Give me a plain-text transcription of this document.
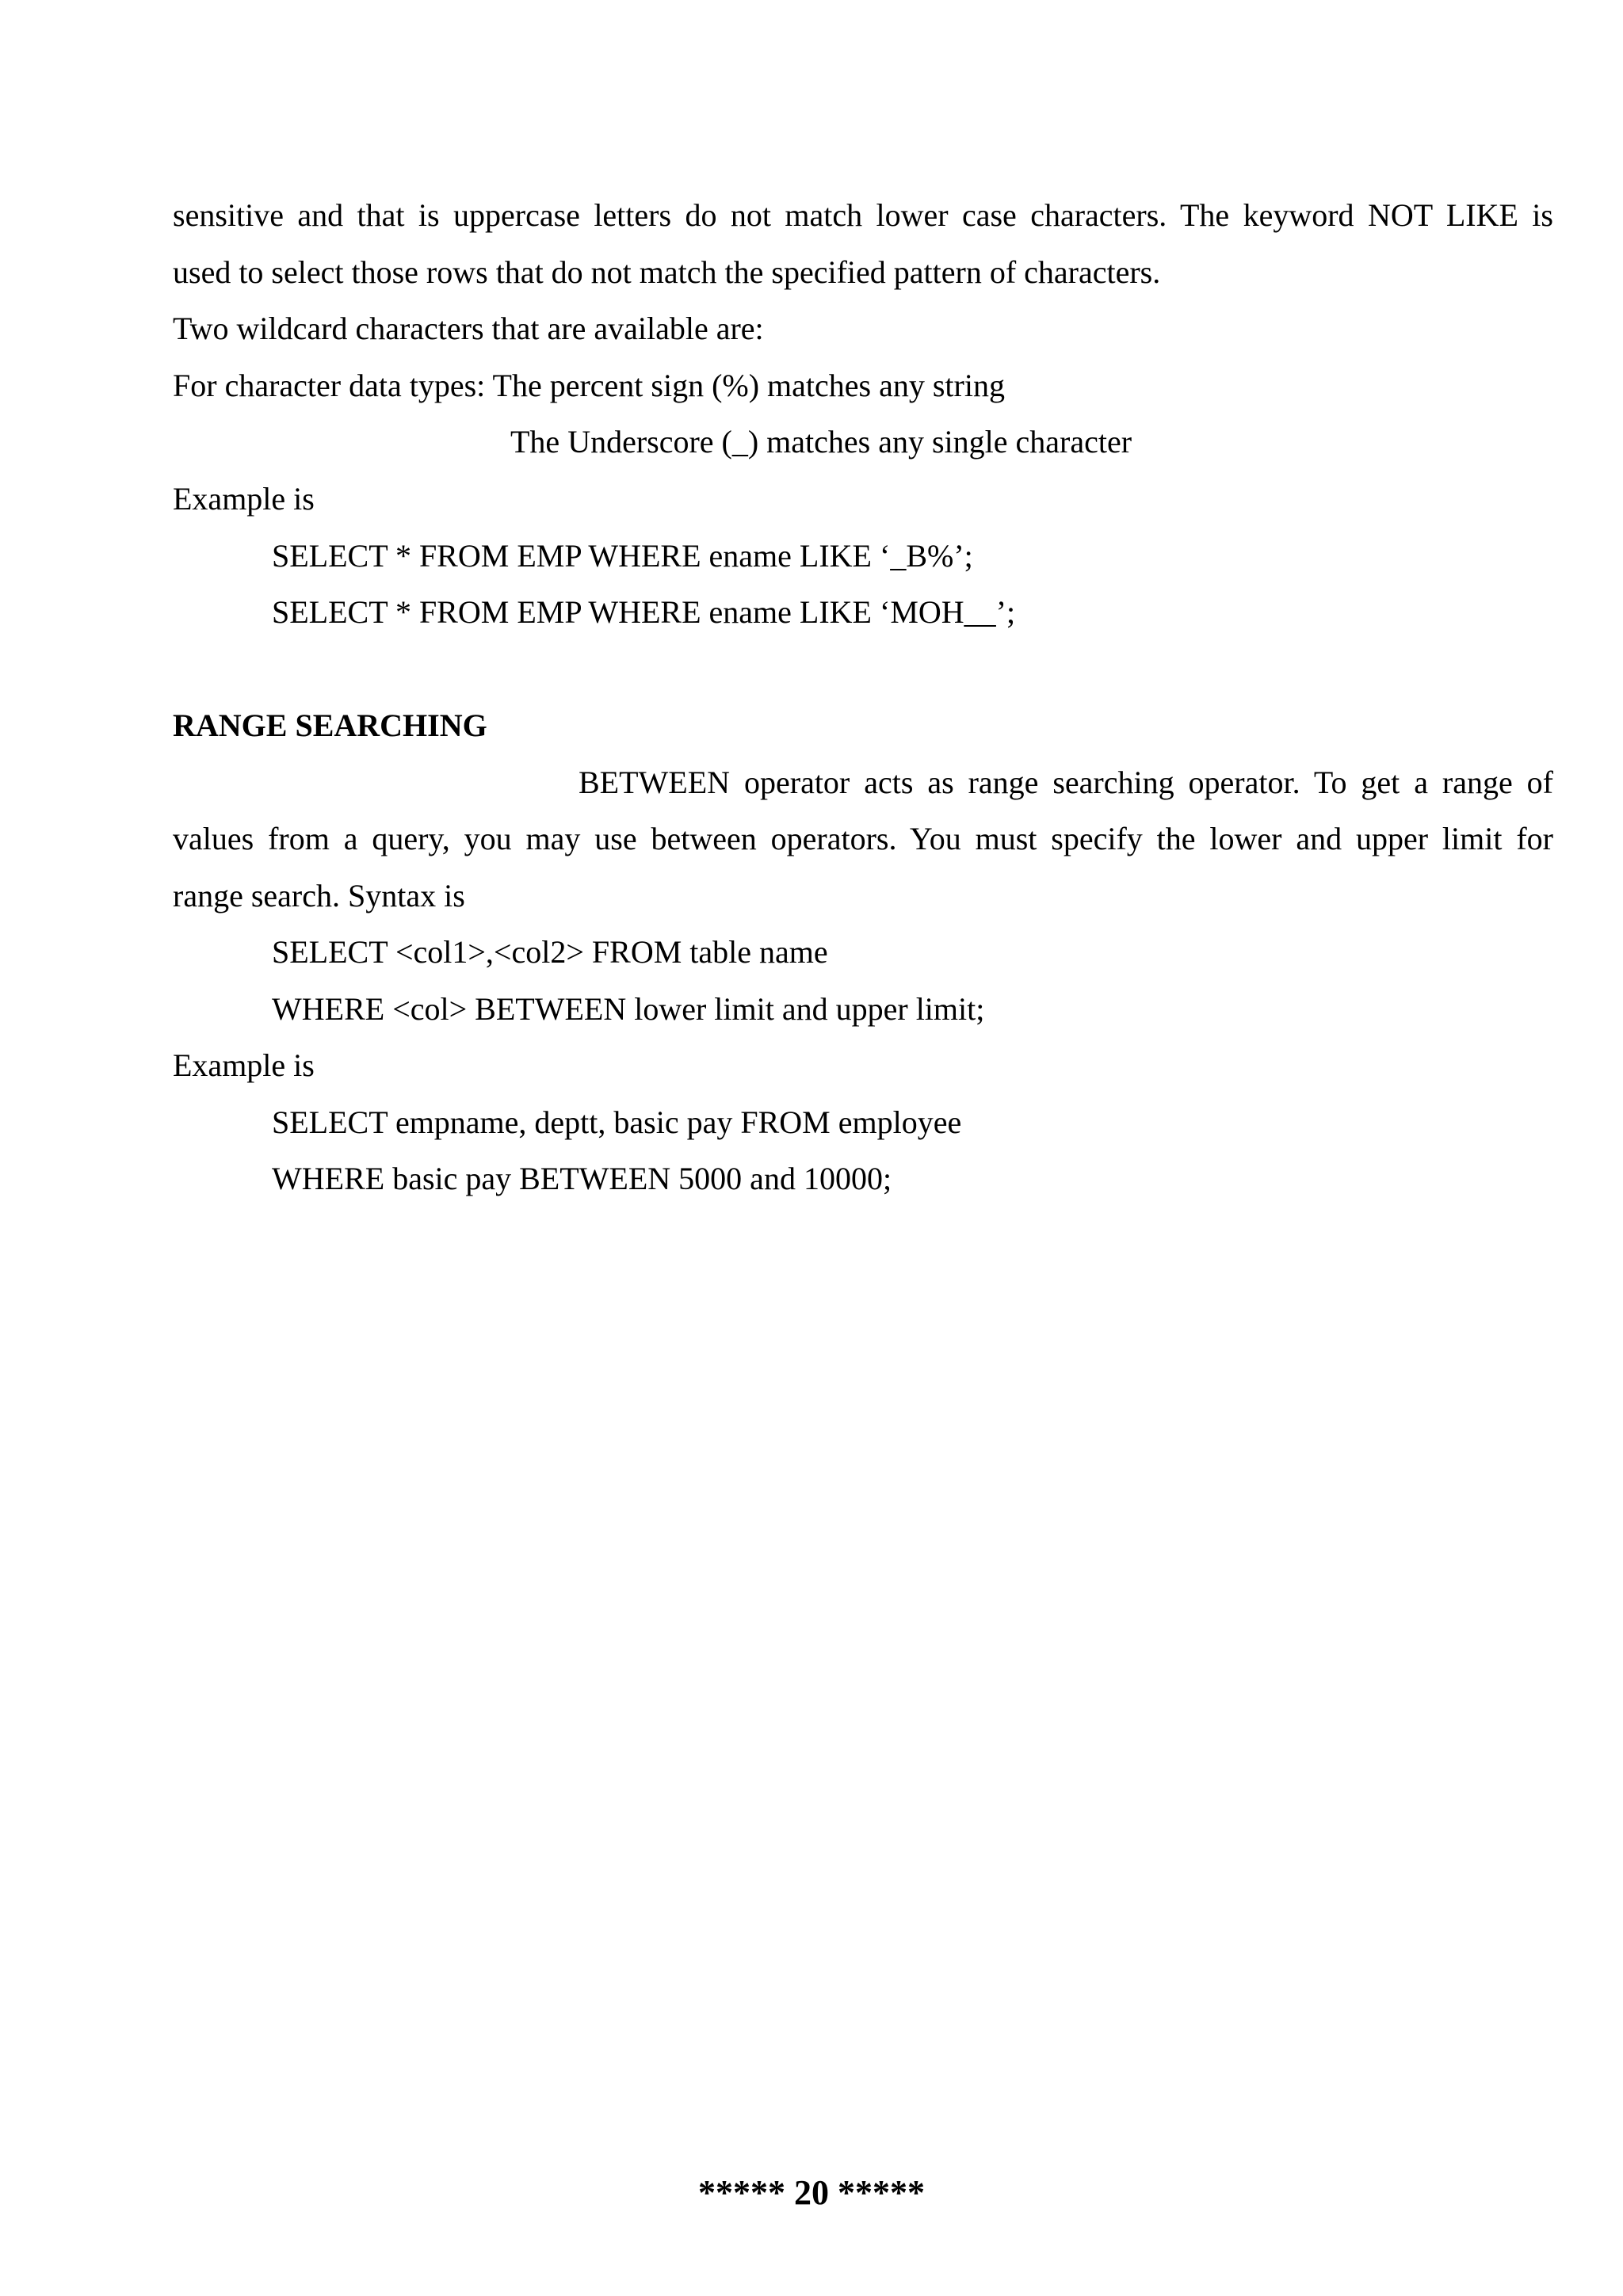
sensitive and that is uppercase letters do not match lower case characters. The keyword NOT LIKE is
used to select those rows that do not match the specified pattern of characters.
Two wildcard characters that are available are:
For character data types: The percent sign (%) matches any string
The Underscore (_) matches any single character
Example is
SELECT * FROM EMP WHERE ename LIKE ‘_B%’;
SELECT * FROM EMP WHERE ename LIKE ‘MOH__’;
RANGE SEARCHING
BETWEEN operator acts as range searching operator. To get a range of
values from a query, you may use between operators. You must specify the lower and upper limit for
range search. Syntax is
SELECT <col1>,<col2> FROM table name
WHERE <col> BETWEEN lower limit and upper limit;
Example is
SELECT empname, deptt, basic pay FROM employee
WHERE basic pay BETWEEN 5000 and 10000;
***** 20 *****
